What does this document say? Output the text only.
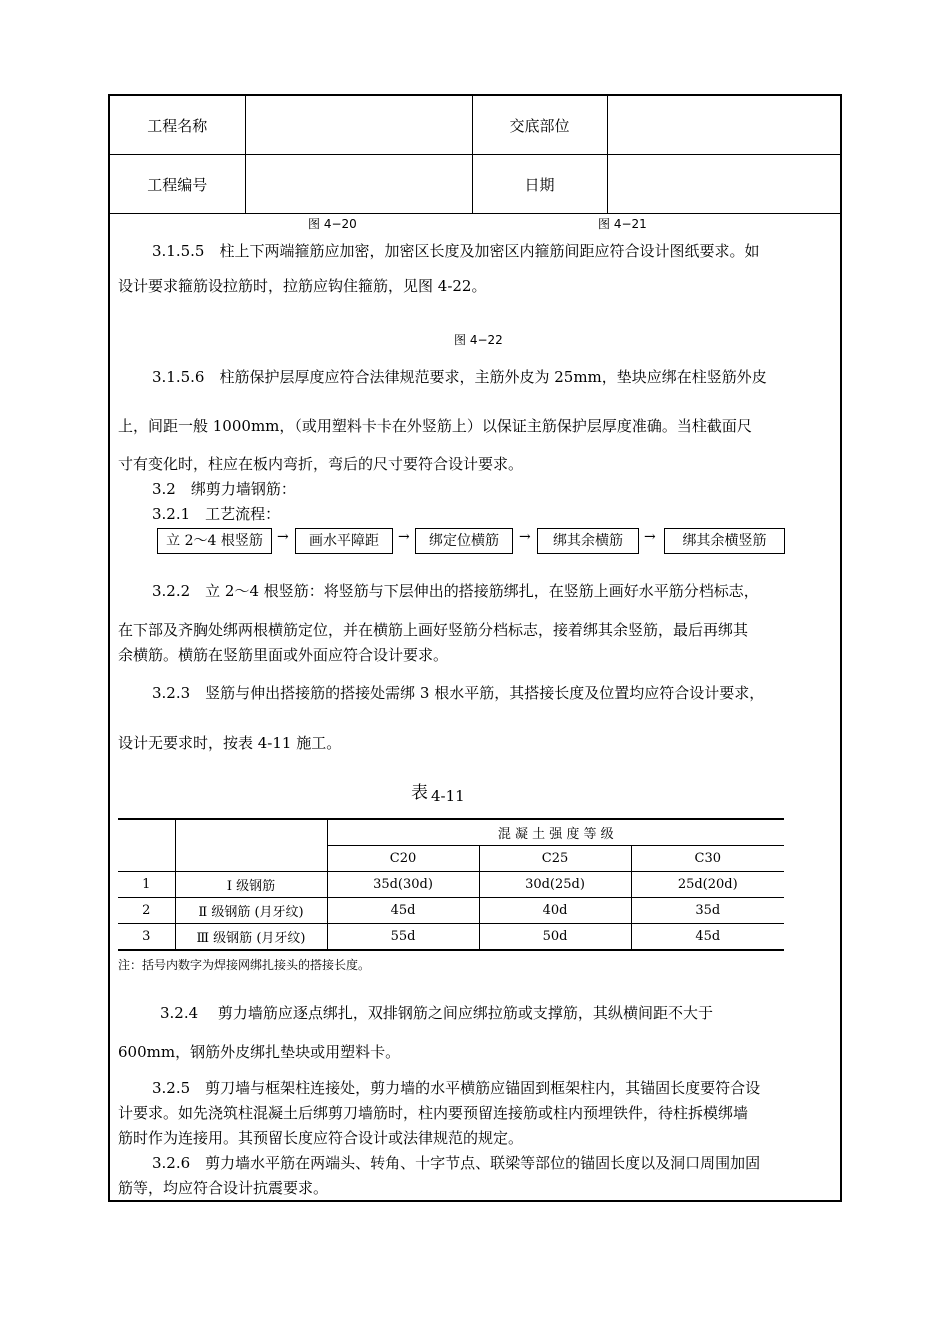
工程名称		交底部位	
工程编号		日期	
图 4−20	图 4−21
3.1.5.5　柱上下两端箍筋应加密，加密区长度及加密区内箍筋间距应符合设计图纸要求。如
设计要求箍筋设拉筋时，拉筋应钩住箍筋，见图 4-22。
图 4−22
3.1.5.6　柱筋保护层厚度应符合法律规范要求，主筋外皮为 25mm，垫块应绑在柱竖筋外皮
上，间距一般 1000mm，（或用塑料卡卡在外竖筋上）以保证主筋保护层厚度准确。当柱截面尺
寸有变化时，柱应在板内弯折，弯后的尺寸要符合设计要求。
3.2　绑剪力墙钢筋：
3.2.1　工艺流程：
立 2～4 根竖筋	→	画水平障距	→	绑定位横筋	→	绑其余横筋	→	绑其余横竖筋
3.2.2　立 2～4 根竖筋：将竖筋与下层伸出的搭接筋绑扎，在竖筋上画好水平筋分档标志，
在下部及齐胸处绑两根横筋定位，并在横筋上画好竖筋分档标志，接着绑其余竖筋，最后再绑其
余横筋。横筋在竖筋里面或外面应符合设计要求。
3.2.3　竖筋与伸出搭接筋的搭接处需绑 3 根水平筋，其搭接长度及位置均应符合设计要求，
设计无要求时，按表 4-11 施工。
表 4-11
		混 凝 土 强 度 等 级		
		C20	C25	C30
1	Ⅰ 级钢筋	35d(30d)	30d(25d)	25d(20d)
2	Ⅱ 级钢筋 (月牙纹)	45d	40d	35d
3	Ⅲ 级钢筋 (月牙纹)	55d	50d	45d
注：括号内数字为焊接网绑扎接头的搭接长度。
3.2.4　 剪力墙筋应逐点绑扎，双排钢筋之间应绑拉筋或支撑筋，其纵横间距不大于
600mm，钢筋外皮绑扎垫块或用塑料卡。
3.2.5　剪刀墙与框架柱连接处，剪力墙的水平横筋应锚固到框架柱内，其锚固长度要符合设
计要求。如先浇筑柱混凝土后绑剪刀墙筋时，柱内要预留连接筋或柱内预埋铁件，待柱拆模绑墙
筋时作为连接用。其预留长度应符合设计或法律规范的规定。
3.2.6　剪力墙水平筋在两端头、转角、十字节点、联梁等部位的锚固长度以及洞口周围加固
筋等，均应符合设计抗震要求。
